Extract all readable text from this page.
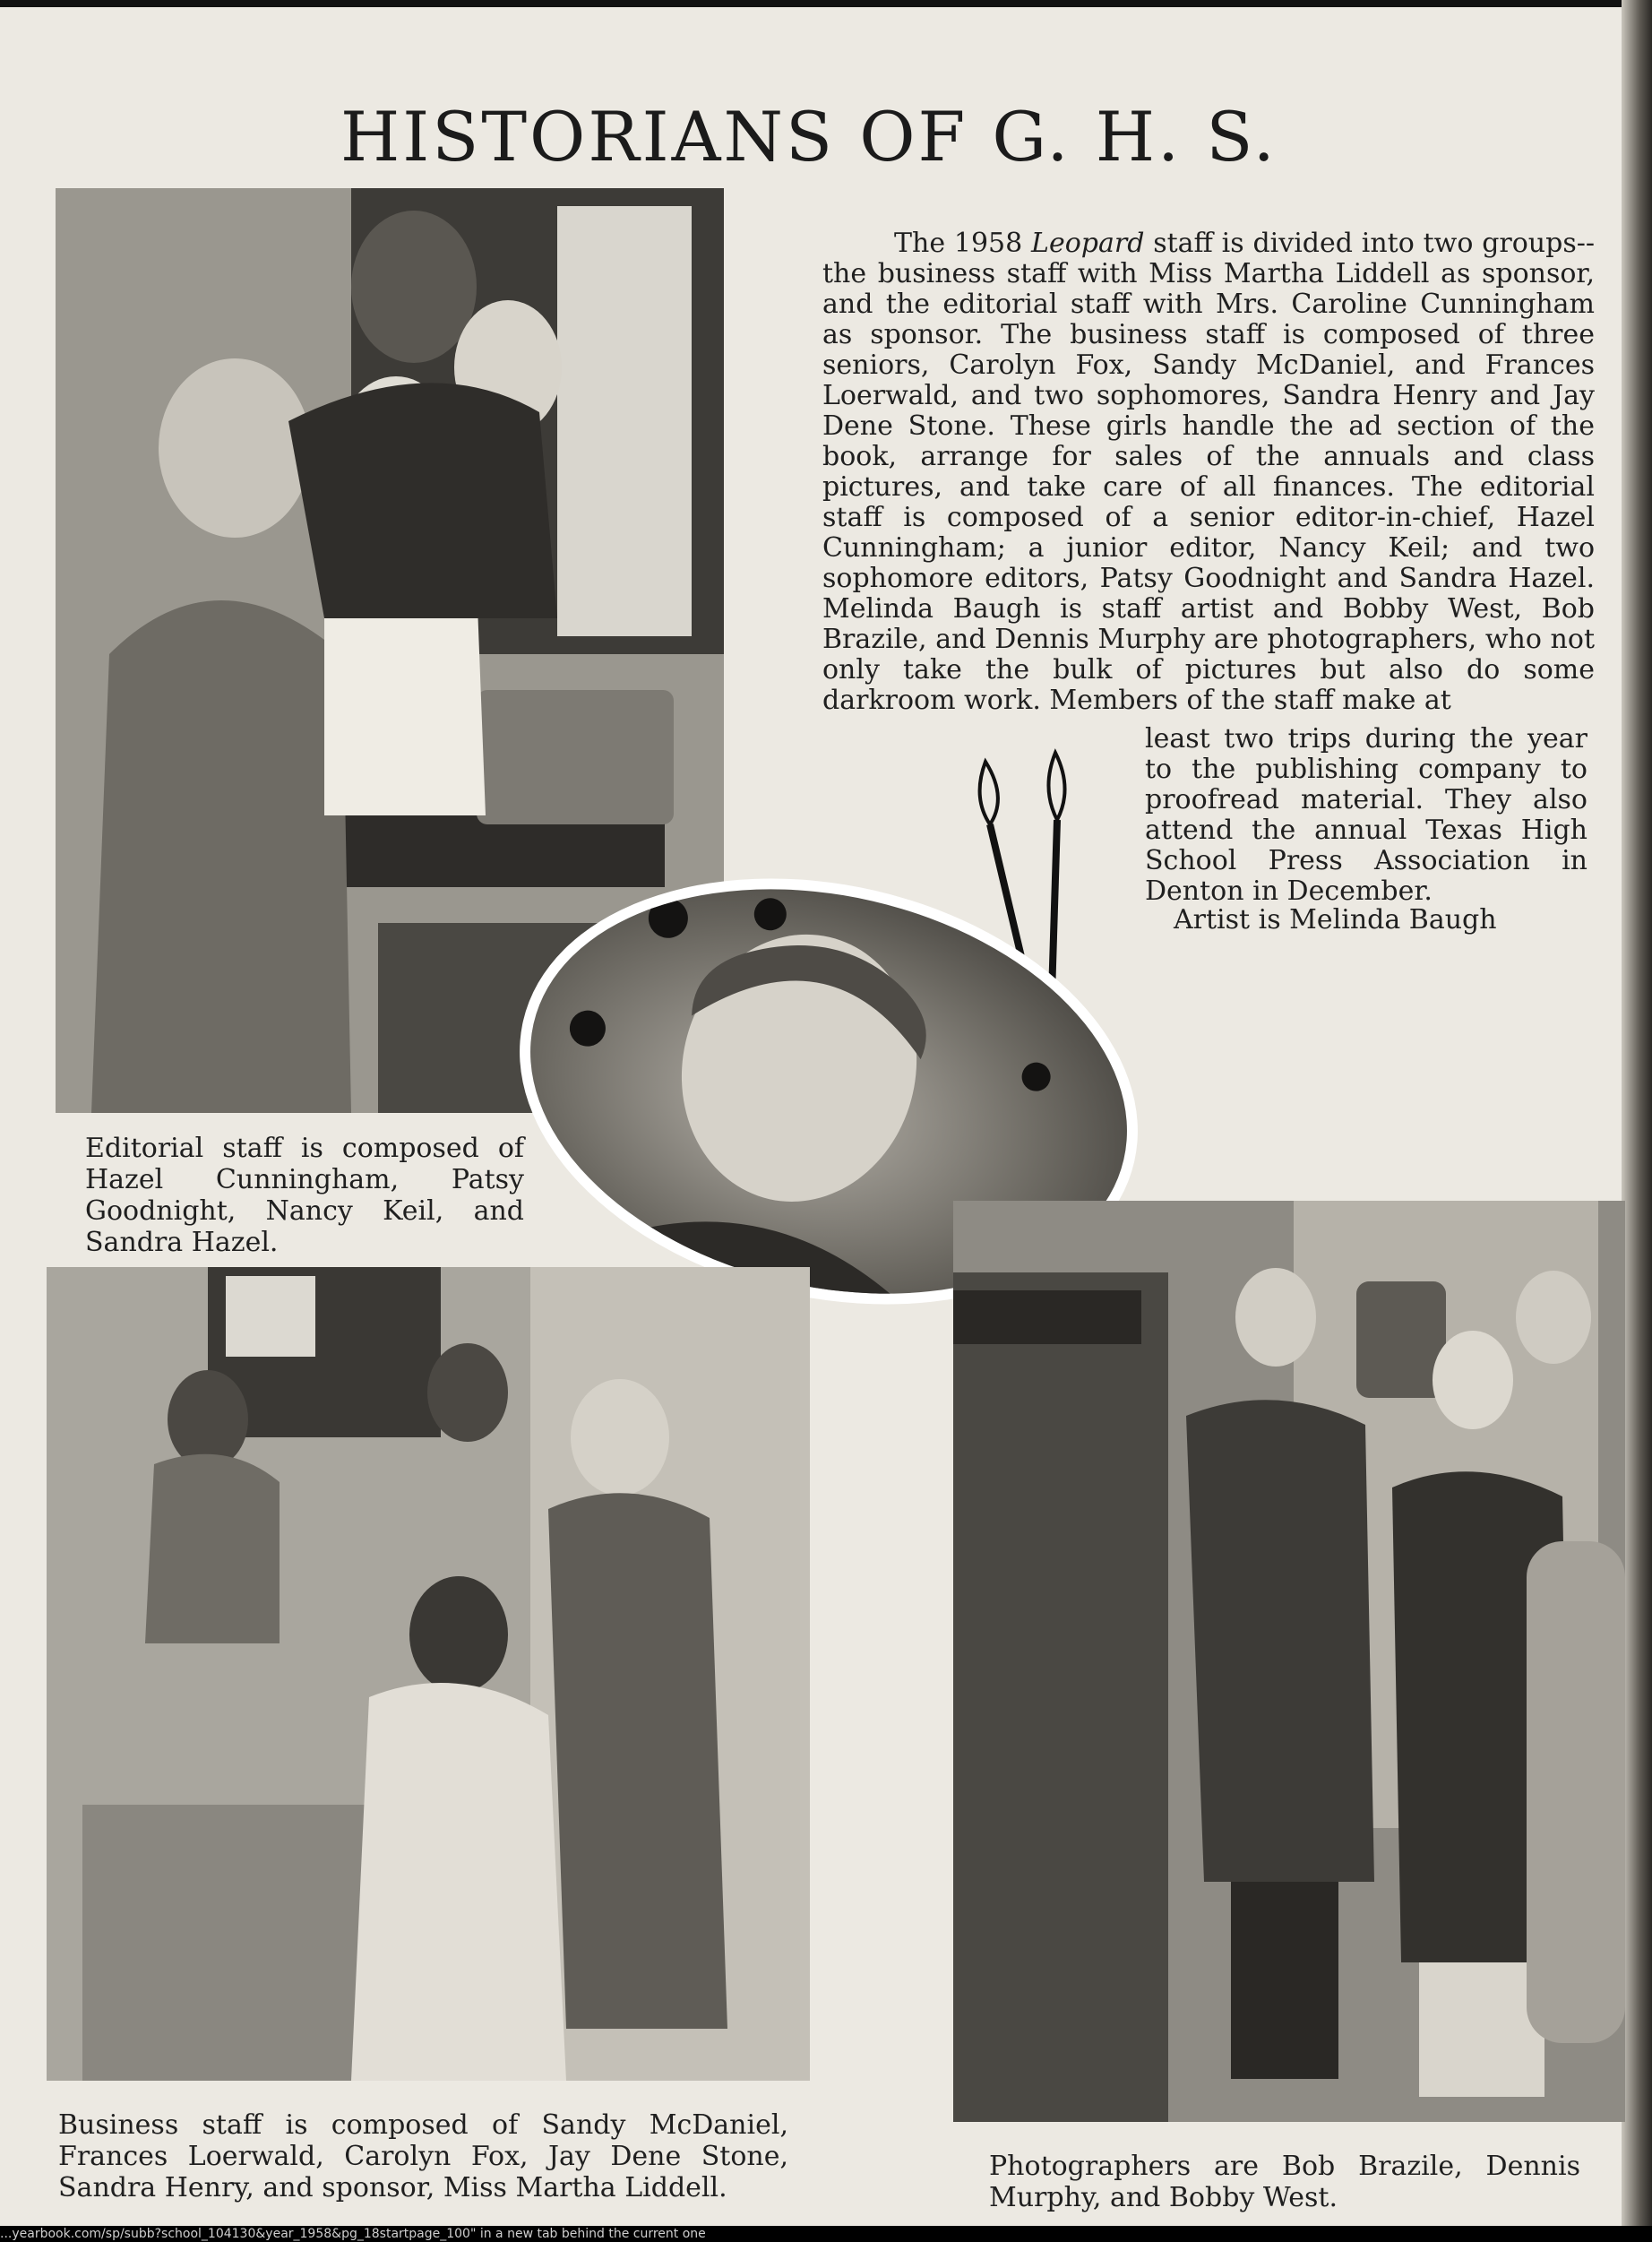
HISTORIANS OF G. H. S.
The 1958 Leopard staff is divided into two groups-- the business staff with Miss Martha Liddell as sponsor, and the editorial staff with Mrs. Caroline Cunningham as sponsor. The business staff is composed of three seniors, Carolyn Fox, Sandy McDaniel, and Frances Loerwald, and two sophomores, Sandra Henry and Jay Dene Stone. These girls handle the ad section of the book, arrange for sales of the annuals and class pictures, and take care of all finances. The editorial staff is composed of a senior editor-in-chief, Hazel Cunningham; a junior editor, Nancy Keil; and two sophomore editors, Patsy Goodnight and Sandra Hazel. Melinda Baugh is staff artist and Bobby West, Bob Brazile, and Dennis Murphy are photographers, who not only take the bulk of pictures but also do some darkroom work. Members of the staff make at
least two trips during the year to the publishing company to proofread material. They also attend the annual Texas High School Press Association in Denton in December.
Artist is Melinda Baugh
Editorial staff is composed of Hazel Cunningham, Patsy Goodnight, Nancy Keil, and Sandra Hazel.
Business staff is composed of Sandy McDaniel, Frances Loerwald, Carolyn Fox, Jay Dene Stone, Sandra Henry, and sponsor, Miss Martha Liddell.
Photographers are Bob Brazile, Dennis Murphy, and Bobby West.
...yearbook.com/sp/subb?school_104130&year_1958&pg_18startpage_100" in a new tab behind the current one
